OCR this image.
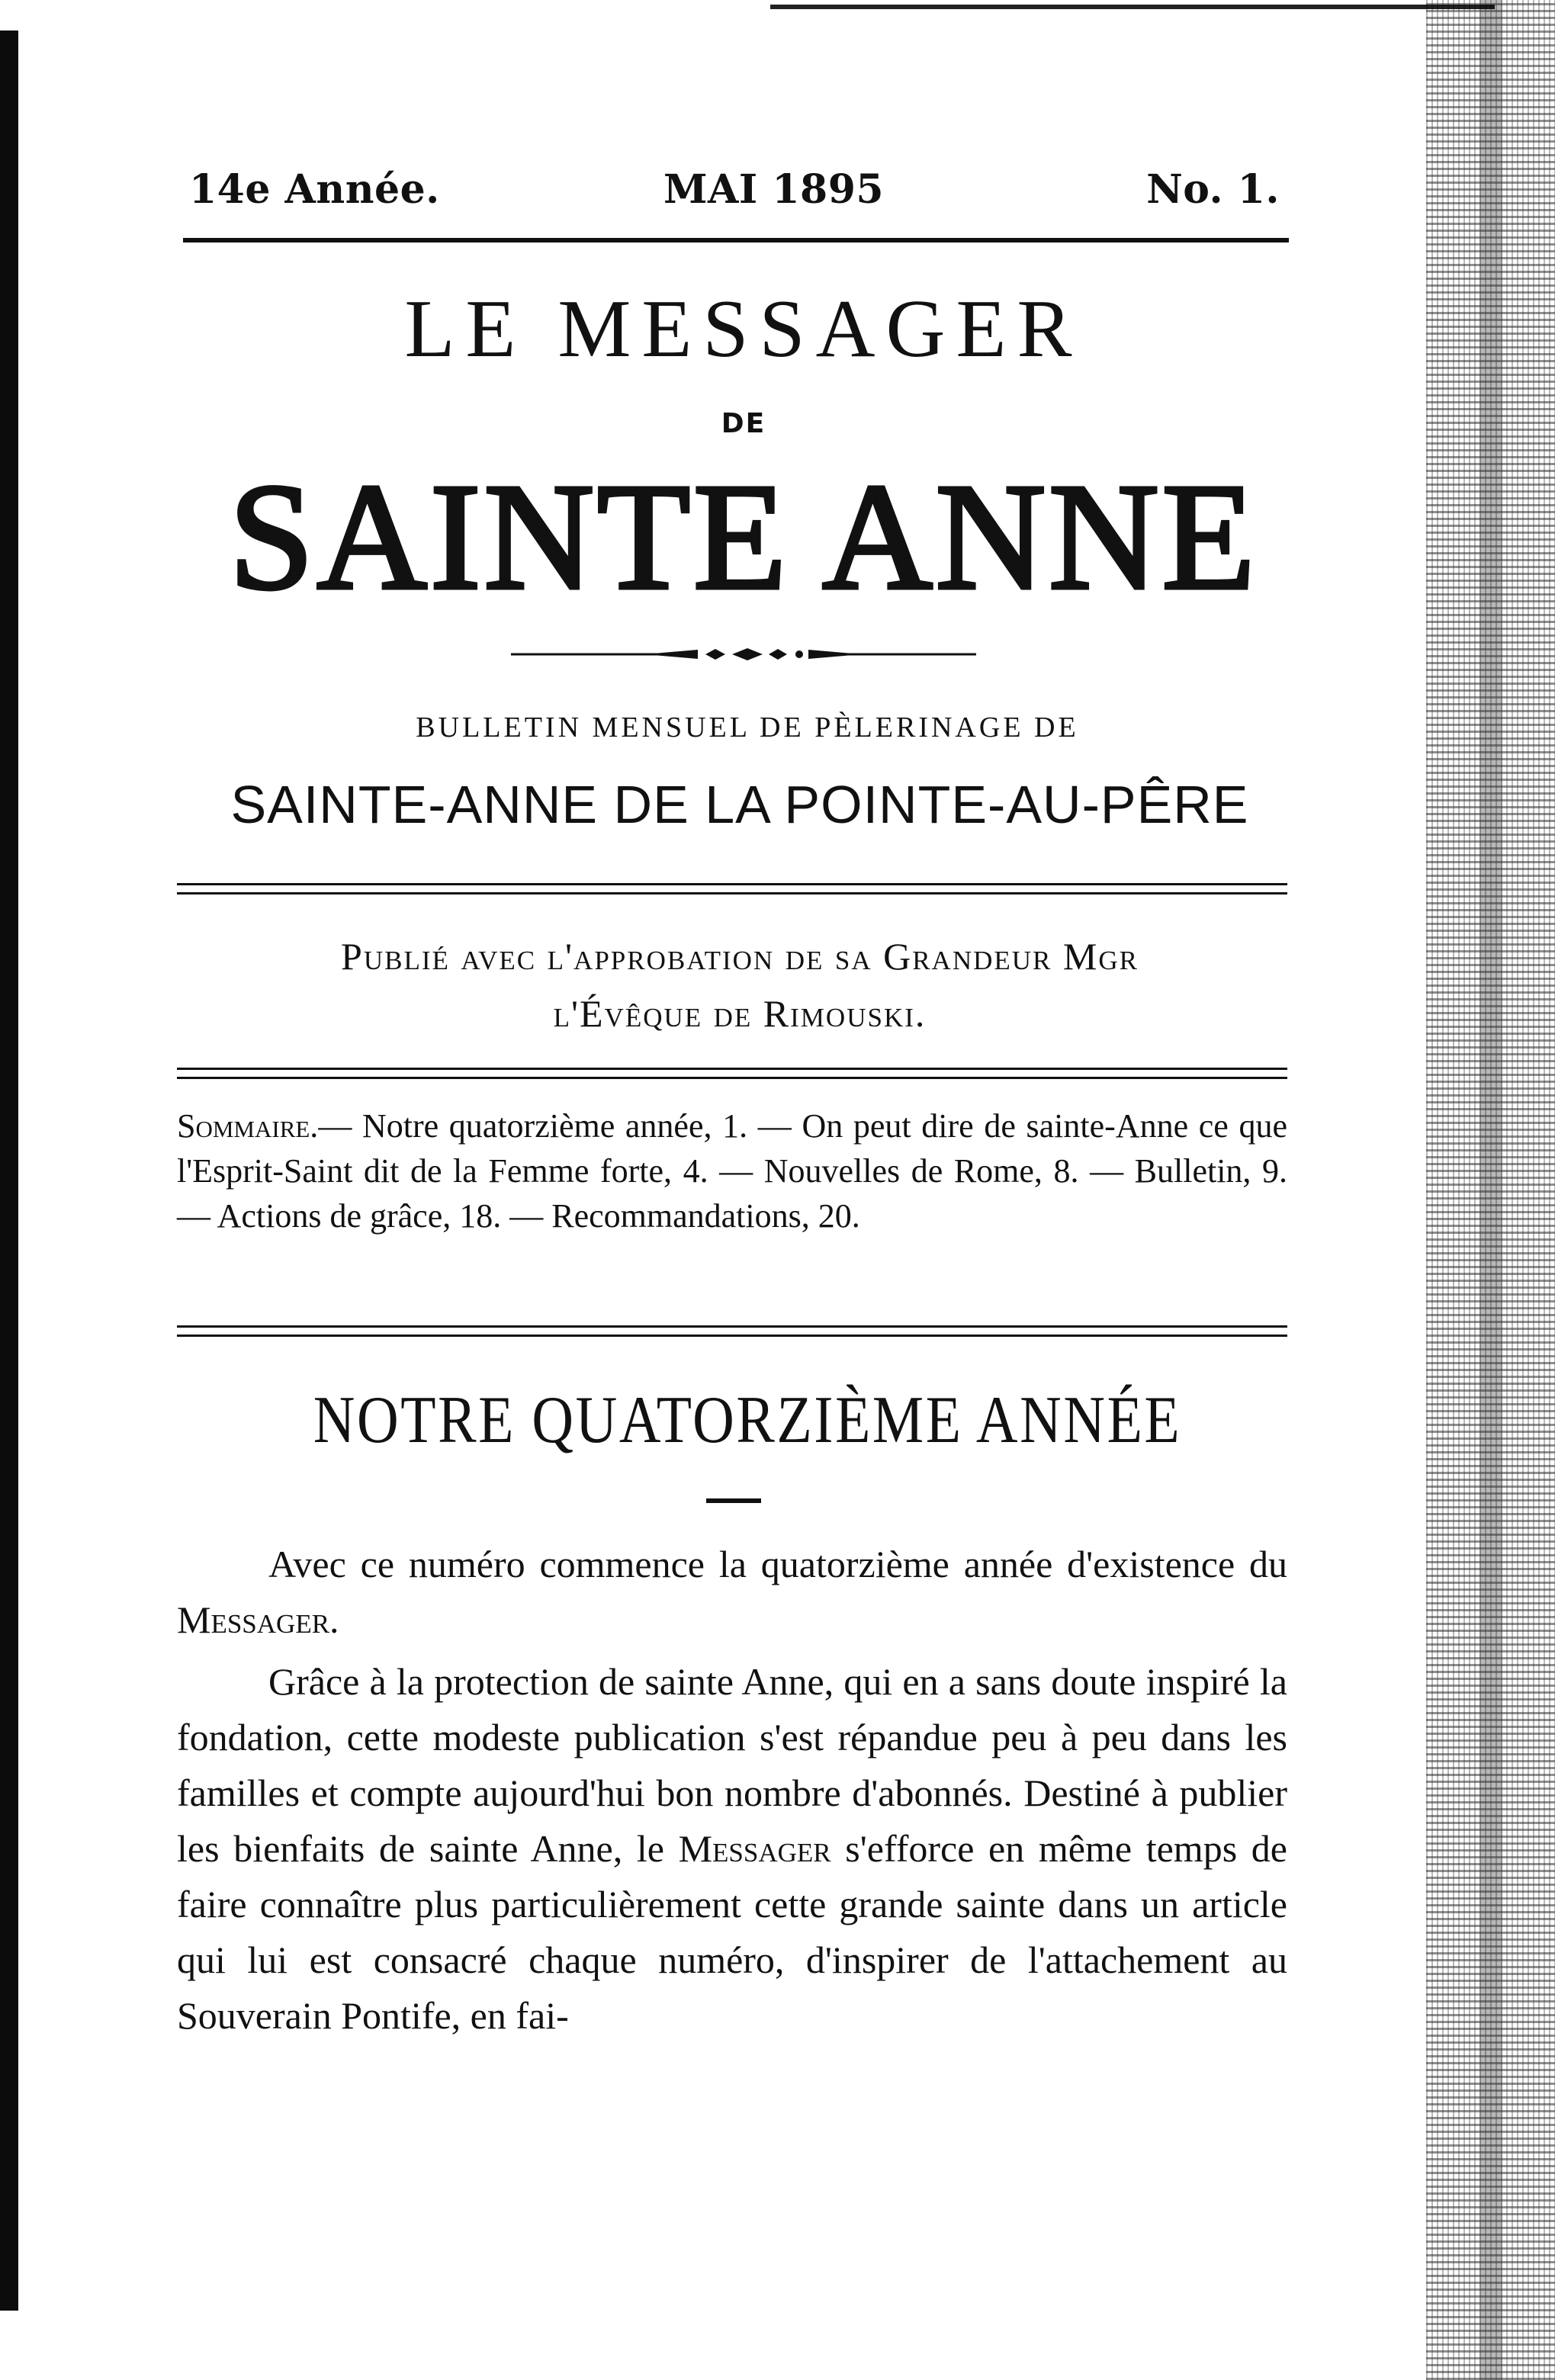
14e Année.	MAI 1895	No. 1.
LE MESSAGER
DE
SAINTE ANNE
BULLETIN MENSUEL DE PÈLERINAGE DE
SAINTE-ANNE DE LA POINTE-AU-PÊRE
Publié avec l'approbation de sa Grandeur Mgr
l'Évêque de Rimouski.
Sommaire.— Notre quatorzième année, 1. — On peut dire de sainte-Anne ce que l'Esprit-Saint dit de la Femme forte, 4. — Nouvelles de Rome, 8. — Bulletin, 9. — Actions de grâce, 18. — Recommandations, 20.
NOTRE QUATORZIÈME ANNÉE

Avec ce numéro commence la quatorzième année d'existence du Messager.

Grâce à la protection de sainte Anne, qui en a sans doute inspiré la fondation, cette modeste publication s'est répandue peu à peu dans les familles et compte aujourd'hui bon nombre d'abonnés. Destiné à publier les bienfaits de sainte Anne, le Messager s'efforce en même temps de faire connaître plus particulièrement cette grande sainte dans un article qui lui est consacré chaque numéro, d'inspirer de l'attachement au Souverain Pontife, en fai-
